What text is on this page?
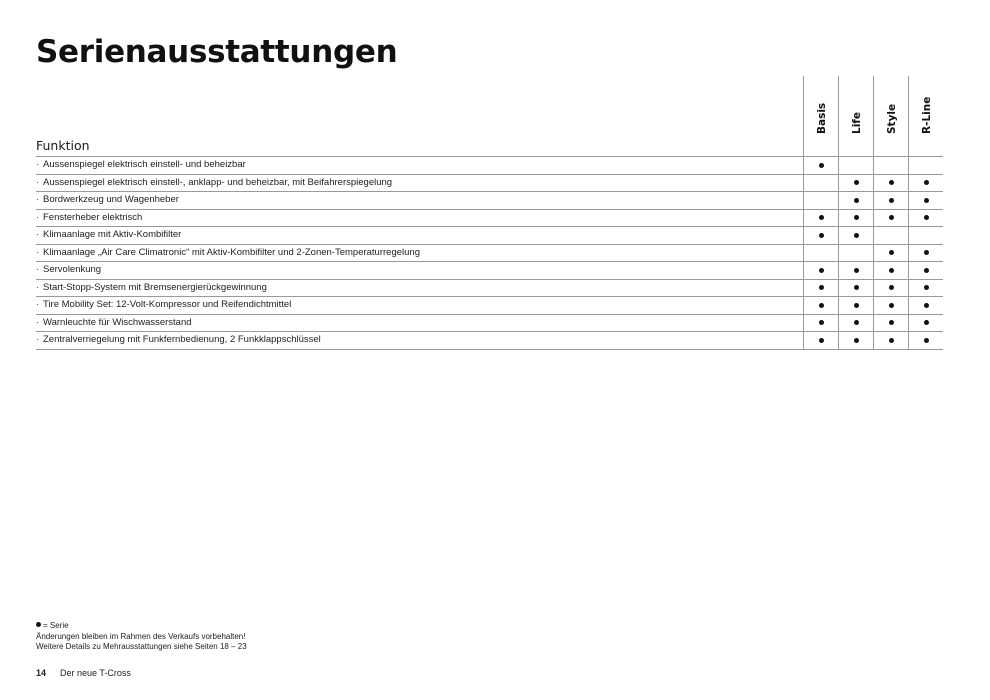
Serienausstattungen
Funktion
Basis Life Style R-Line
· Aussenspiegel elektrisch einstell- und beheizbar
· Aussenspiegel elektrisch einstell-, anklapp- und beheizbar, mit Beifahrerspiegelung
· Bordwerkzeug und Wagenheber
· Fensterheber elektrisch
· Klimaanlage mit Aktiv-Kombifilter
· Klimaanlage „Air Care Climatronic“ mit Aktiv-Kombifilter und 2-Zonen-Temperaturregelung
· Servolenkung
· Start-Stopp-System mit Bremsenergierückgewinnung
· Tire Mobility Set: 12-Volt-Kompressor und Reifendichtmittel
· Warnleuchte für Wischwasserstand
· Zentralverriegelung mit Funkfernbedienung, 2 Funkklappschlüssel
= Serie
Änderungen bleiben im Rahmen des Verkaufs vorbehalten!
Weitere Details zu Mehrausstattungen siehe Seiten 18 – 23
14 Der neue T-Cross
